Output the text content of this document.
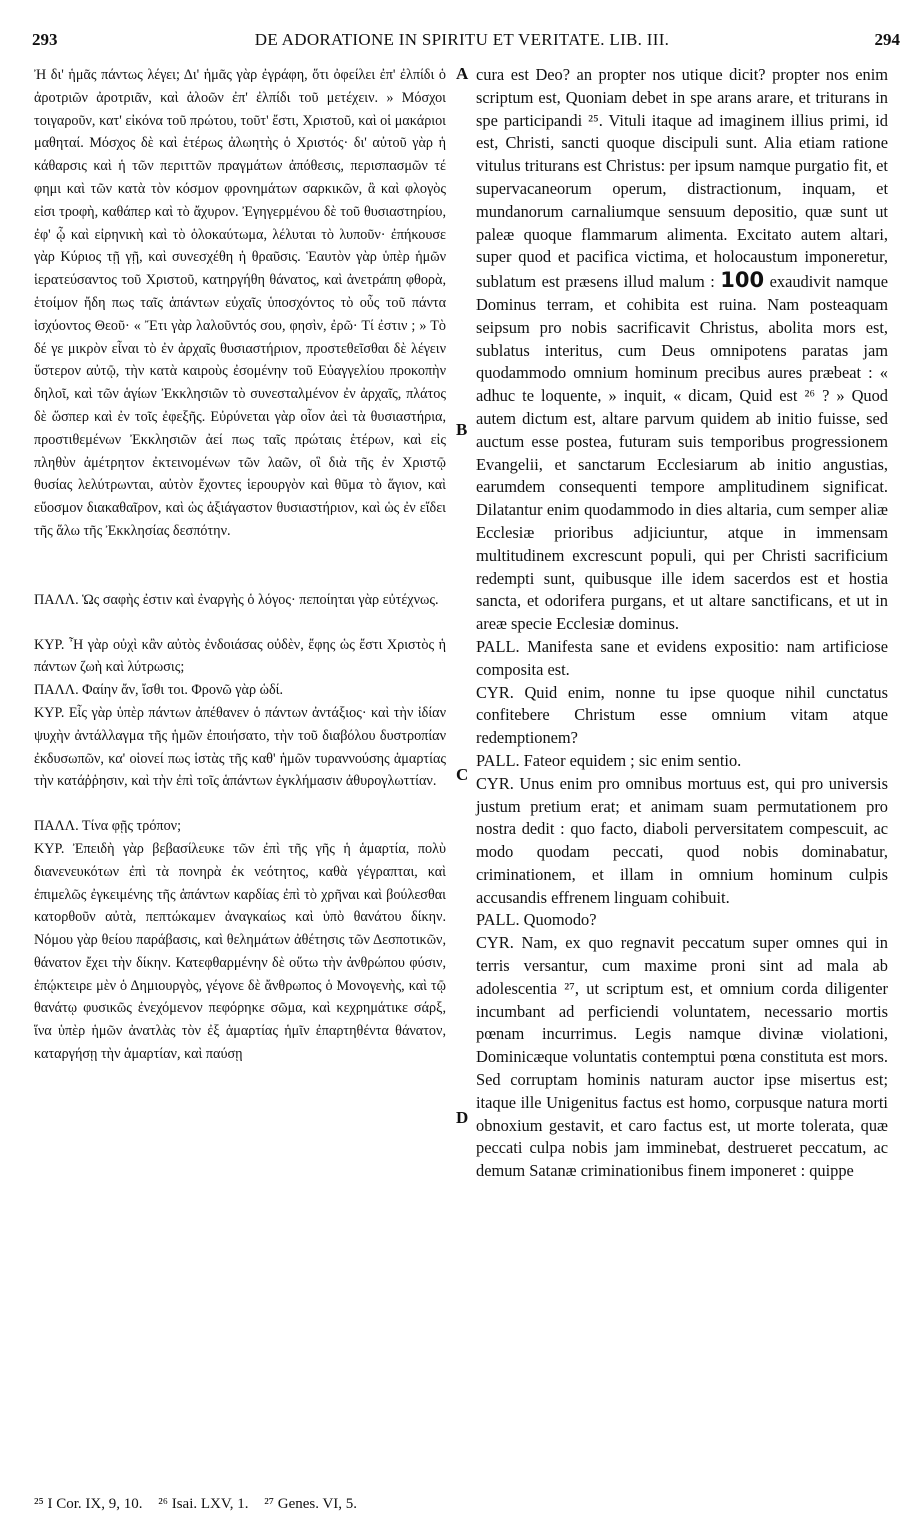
293	DE ADORATIONE IN SPIRITU ET VERITATE. LIB. III.	294
A
B
C
D

Ἠ δι' ἡμᾶς πάντως λέγει; Δι' ἡμᾶς γὰρ ἐγράφη, ὅτι ὀφείλει ἐπ' ἐλπίδι ὁ ἀροτριῶν ἀροτριᾶν, καὶ ἀλοῶν ἐπ' ἐλπίδι τοῦ μετέχειν. » Μόσχοι τοιγαροῦν, κατ' εἰκόνα τοῦ πρώτου, τοῦτ' ἔστι, Χριστοῦ, καὶ οἱ μακάριοι μαθηταί. Μόσχος δὲ καὶ ἑτέρως ἀλωητὴς ὁ Χριστός· δι' αὐτοῦ γὰρ ἡ κάθαρσις καὶ ἡ τῶν περιττῶν πραγμάτων ἀπόθεσις, περισπασμῶν τέ φημι καὶ τῶν κατὰ τὸν κόσμον φρονημάτων σαρκικῶν, ἃ καὶ φλογὸς εἰσι τροφὴ, καθάπερ καὶ τὸ ἄχυρον. Ἐγηγερμένου δὲ τοῦ θυσιαστηρίου, ἐφ' ᾧ καὶ εἰρηνικὴ καὶ τὸ ὁλοκαύτωμα, λέλυται τὸ λυποῦν· ἐπήκουσε γὰρ Κύριος τῇ γῇ, καὶ συνεσχέθη ἡ θραῦσις. Ἑαυτὸν γὰρ ὑπὲρ ἡμῶν ἱερατεύσαντος τοῦ Χριστοῦ, κατηργήθη θάνατος, καὶ ἀνετράπη φθορὰ, ἑτοίμον ἤδη πως ταῖς ἁπάντων εὐχαῖς ὑποσχόντος τὸ οὖς τοῦ πάντα ἰσχύοντος Θεοῦ· « Ἔτι γὰρ λαλοῦντός σου, φησὶν, ἐρῶ· Τί ἐστιν ; » Τὸ δέ γε μικρὸν εἶναι τὸ ἐν ἀρχαῖς θυσιαστήριον, προστεθεῖσθαι δὲ λέγειν ὕστερον αὐτῷ, τὴν κατὰ καιροὺς ἐσομένην τοῦ Εὐαγγελίου προκοπὴν δηλοῖ, καὶ τῶν ἁγίων Ἐκκλησιῶν τὸ συνεσταλμένον ἐν ἀρχαῖς, πλάτος δὲ ὥσπερ καὶ ἐν τοῖς ἐφεξῆς. Εὐρύνεται γὰρ οἷον ἀεὶ τὰ θυσιαστήρια, προστιθεμένων Ἐκκλησιῶν ἀεί πως ταῖς πρώταις ἑτέρων, καὶ εἰς πληθὺν ἀμέτρητον ἐκτεινομένων τῶν λαῶν, οἳ διὰ τῆς ἐν Χριστῷ θυσίας λελύτρωνται, αὐτὸν ἔχοντες ἱερουργὸν καὶ θῦμα τὸ ἅγιον, καὶ εὔοσμον διακαθαῖρον, καὶ ὡς ἀξιάγαστον θυσιαστήριον, καὶ ὡς ἐν εἴδει τῆς ἅλω τῆς Ἐκκλησίας δεσπότην.

ΠΑΛΛ. Ὡς σαφὴς ἐστιν καὶ ἐναργὴς ὁ λόγος· πεποίηται γὰρ εὐτέχνως.

ΚΥΡ. Ἦ γὰρ οὐχὶ κἂν αὐτὸς ἐνδοιάσας οὐδὲν, ἔφης ὡς ἔστι Χριστὸς ἡ πάντων ζωὴ καὶ λύτρωσις;

ΠΑΛΛ. Φαίην ἄν, ἴσθι τοι. Φρονῶ γὰρ ὡδί.

ΚΥΡ. Εἷς γὰρ ὑπὲρ πάντων ἀπέθανεν ὁ πάντων ἀντάξιος· καὶ τὴν ἰδίαν ψυχὴν ἀντάλλαγμα τῆς ἡμῶν ἐποιήσατο, τὴν τοῦ διαβόλου δυστροπίαν ἐκδυσωπῶν, κα' οἱονεί πως ἱστὰς τῆς καθ' ἡμῶν τυραννούσης ἁμαρτίας τὴν κατάῤῥησιν, καὶ τὴν ἐπὶ τοῖς ἁπάντων ἐγκλήμασιν ἀθυρογλωττίαν.

ΠΑΛΛ. Τίνα φῇς τρόπον;

ΚΥΡ. Ἐπειδὴ γὰρ βεβασίλευκε τῶν ἐπὶ τῆς γῆς ἡ ἁμαρτία, πολὺ διανενευκότων ἐπὶ τὰ πονηρὰ ἐκ νεότητος, καθὰ γέγραπται, καὶ ἐπιμελῶς ἐγκειμένης τῆς ἁπάντων καρδίας ἐπὶ τὸ χρῆναι καὶ βούλεσθαι κατορθοῦν αὐτὰ, πεπτώκαμεν ἀναγκαίως καὶ ὑπὸ θανάτου δίκην. Νόμου γὰρ θείου παράβασις, καὶ θελημάτων ἀθέτησις τῶν Δεσποτικῶν, θάνατον ἔχει τὴν δίκην. Κατεφθαρμένην δὲ οὕτω τὴν ἀνθρώπου φύσιν, ἐπῴκτειρε μὲν ὁ Δημιουργὸς, γέγονε δὲ ἄνθρωπος ὁ Μονογενὴς, καὶ τῷ θανάτῳ φυσικῶς ἐνεχόμενον πεφόρηκε σῶμα, καὶ κεχρημάτικε σάρξ, ἵνα ὑπὲρ ἡμῶν ἀνατλὰς τὸν ἐξ ἁμαρτίας ἡμῖν ἐπαρτηθέντα θάνατον, καταργήσῃ τὴν ἁμαρτίαν, καὶ παύσῃ

cura est Deo? an propter nos utique dicit? propter nos enim scriptum est, Quoniam debet in spe arans arare, et triturans in spe participandi ²⁵. Vituli itaque ad imaginem illius primi, id est, Christi, sancti quoque discipuli sunt. Alia etiam ratione vitulus triturans est Christus: per ipsum namque purgatio fit, et supervacaneorum operum, distractionum, inquam, et mundanorum carnaliumque sensuum depositio, quæ sunt ut paleæ quoque flammarum alimenta. Excitato autem altari, super quod et pacifica victima, et holocaustum imponeretur, sublatum est præsens illud malum : 100 exaudivit namque Dominus terram, et cohibita est ruina. Nam posteaquam seipsum pro nobis sacrificavit Christus, abolita mors est, sublatus interitus, cum Deus omnipotens paratas jam quodammodo omnium hominum precibus aures præbeat : « adhuc te loquente, » inquit, « dicam, Quid est ²⁶ ? » Quod autem dictum est, altare parvum quidem ab initio fuisse, sed auctum esse postea, futuram suis temporibus progressionem Evangelii, et sanctarum Ecclesiarum ab initio angustias, earumdem consequenti tempore amplitudinem significat. Dilatantur enim quodammodo in dies altaria, cum semper aliæ Ecclesiæ prioribus adjiciuntur, atque in immensam multitudinem excrescunt populi, qui per Christi sacrificium redempti sunt, quibusque ille idem sacerdos est et hostia sancta, et odorifera purgans, et ut altare sanctificans, et ut in areæ specie Ecclesiæ dominus.

PALL. Manifesta sane et evidens expositio: nam artificiose composita est.

CYR. Quid enim, nonne tu ipse quoque nihil cunctatus confitebere Christum esse omnium vitam atque redemptionem?

PALL. Fateor equidem ; sic enim sentio.

CYR. Unus enim pro omnibus mortuus est, qui pro universis justum pretium erat; et animam suam permutationem pro nostra dedit : quo facto, diaboli perversitatem compescuit, ac modo quodam peccati, quod nobis dominabatur, criminationem, et illam in omnium hominum culpis accusandis effrenem linguam cohibuit.

PALL. Quomodo?

CYR. Nam, ex quo regnavit peccatum super omnes qui in terris versantur, cum maxime proni sint ad mala ab adolescentia ²⁷, ut scriptum est, et omnium corda diligenter incumbant ad perficiendi voluntatem, necessario mortis pœnam incurrimus. Legis namque divinæ violationi, Dominicæque voluntatis contemptui pœna constituta est mors. Sed corruptam hominis naturam auctor ipse misertus est; itaque ille Unigenitus factus est homo, corpusque natura morti obnoxium gestavit, et caro factus est, ut morte tolerata, quæ peccati culpa nobis jam imminebat, destrueret peccatum, ac demum Satanæ criminationibus finem imponeret : quippe

²⁵ I Cor. IX, 9, 10. ²⁶ Isai. LXV, 1. ²⁷ Genes. VI, 5.
